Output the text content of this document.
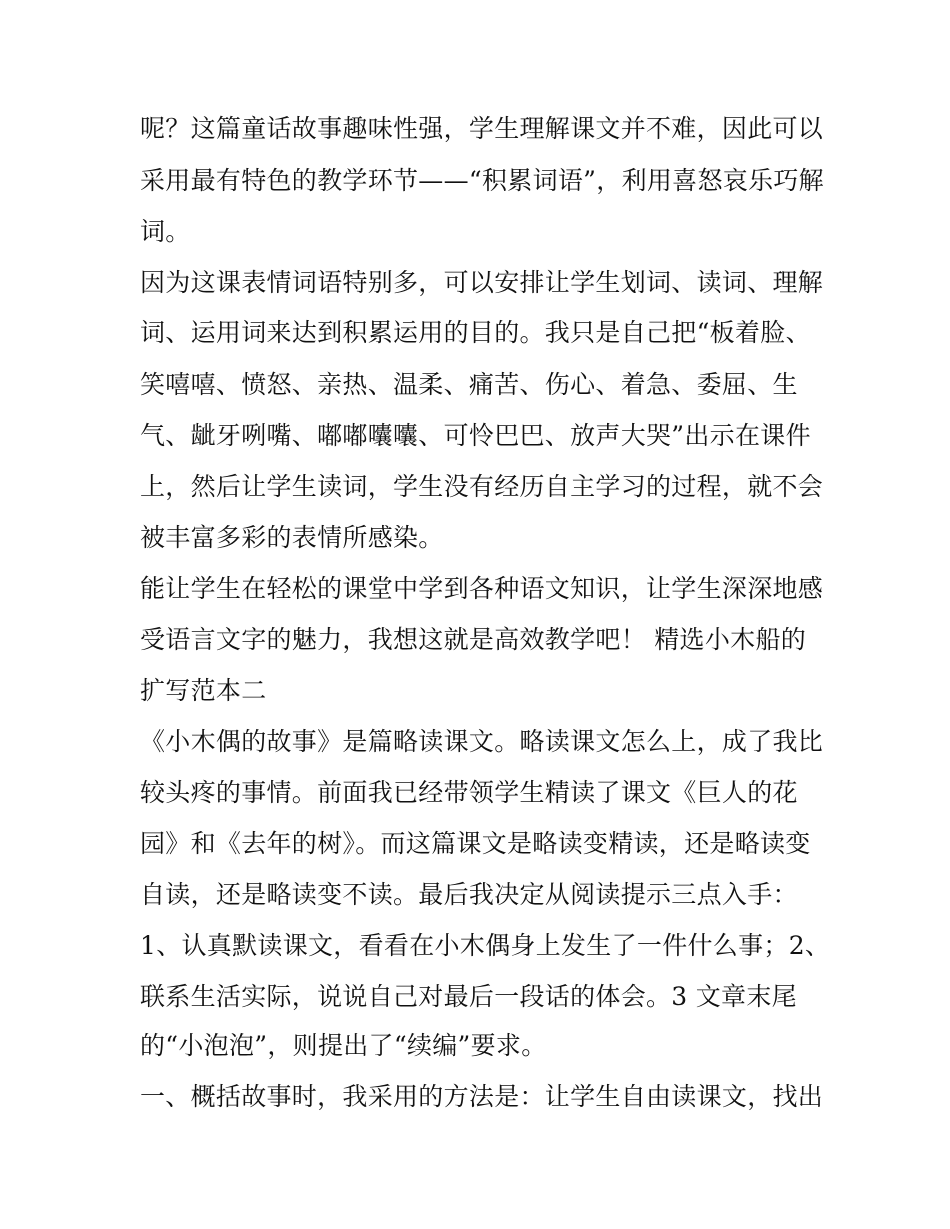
呢？这篇童话故事趣味性强，学生理解课文并不难，因此可以
采用最有特色的教学环节——“积累词语”，利用喜怒哀乐巧解
词。
因为这课表情词语特别多，可以安排让学生划词、读词、理解
词、运用词来达到积累运用的目的。我只是自己把“板着脸、
笑嘻嘻、愤怒、亲热、温柔、痛苦、伤心、着急、委屈、生
气、龇牙咧嘴、嘟嘟囔囔、可怜巴巴、放声大哭”出示在课件
上，然后让学生读词，学生没有经历自主学习的过程，就不会
被丰富多彩的表情所感染。
能让学生在轻松的课堂中学到各种语文知识，让学生深深地感
受语言文字的魅力，我想这就是高效教学吧！ 精选小木船的
扩写范本二
《小木偶的故事》是篇略读课文。略读课文怎么上，成了我比
较头疼的事情。前面我已经带领学生精读了课文《巨人的花
园》和《去年的树》。而这篇课文是略读变精读，还是略读变
自读，还是略读变不读。最后我决定从阅读提示三点入手：
1、认真默读课文，看看在小木偶身上发生了一件什么事；2、
联系生活实际，说说自己对最后一段话的体会。3 文章末尾
的“小泡泡”，则提出了“续编”要求。
一、概括故事时，我采用的方法是：让学生自由读课文，找出
